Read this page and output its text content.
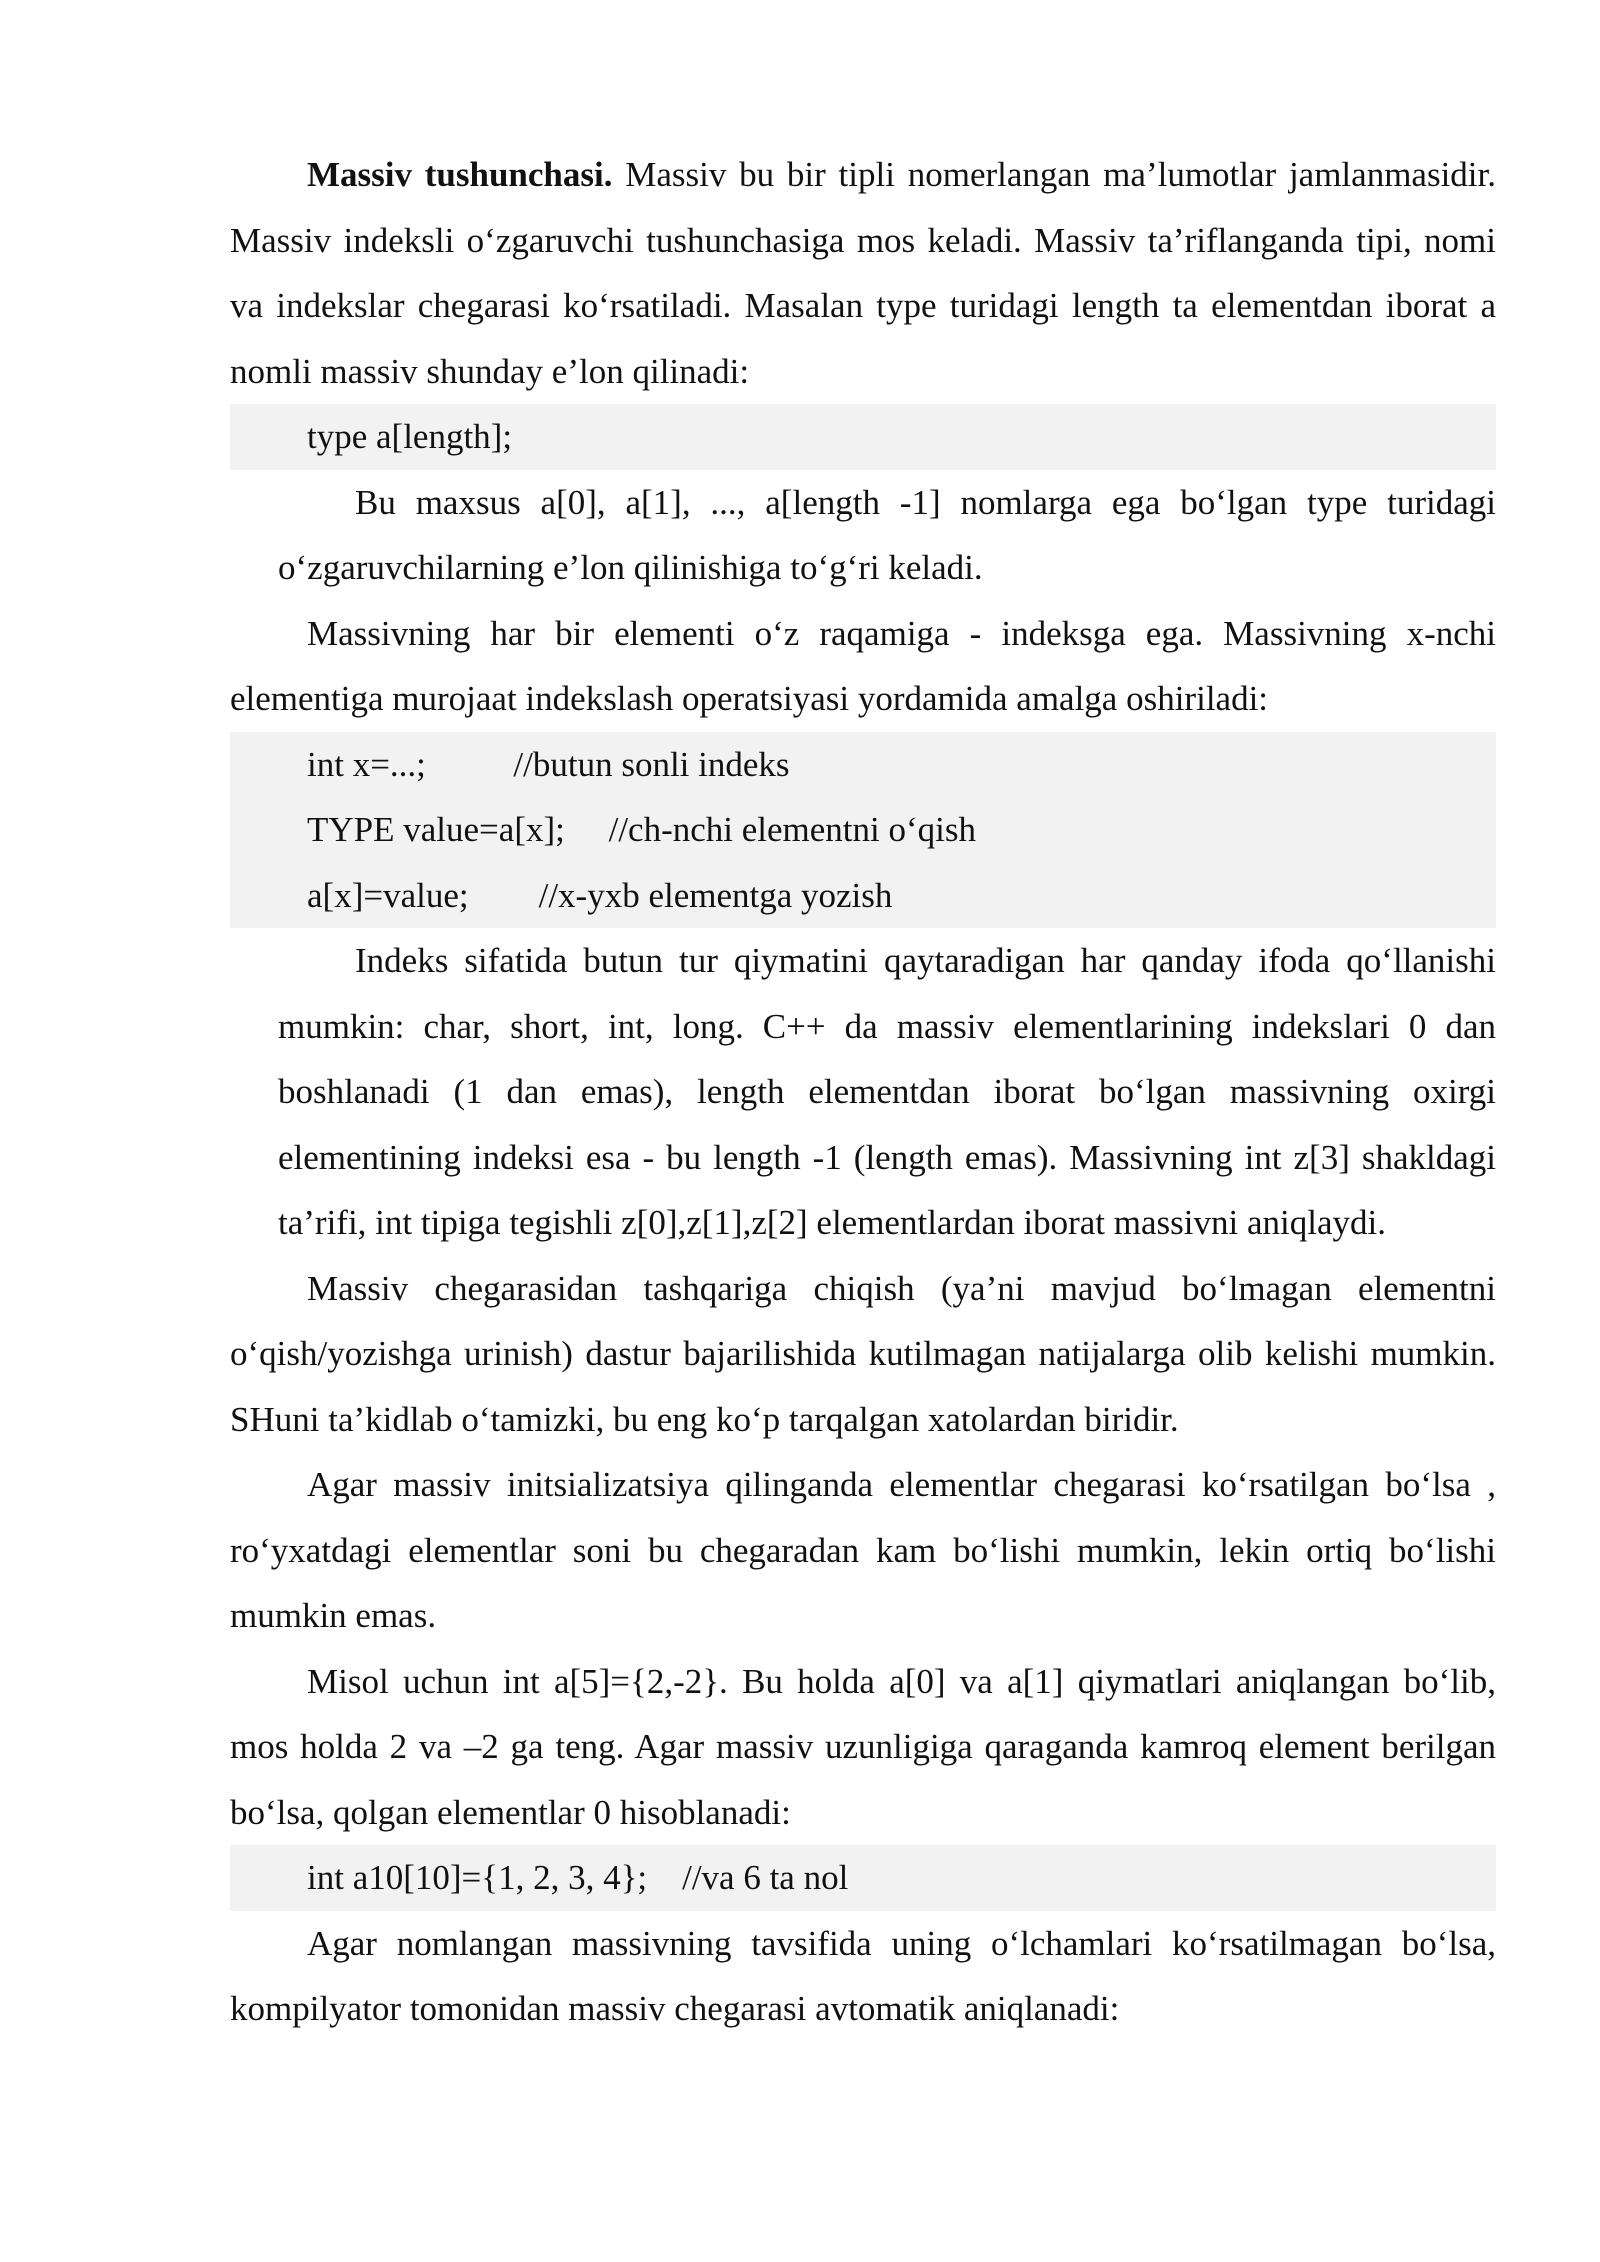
Massiv tushunchasi. Massiv bu bir tipli nomerlangan ma’lumotlar jamlanmasidir. Massiv indeksli o‘zgaruvchi tushunchasiga mos keladi. Massiv ta’riflanganda tipi, nomi va indekslar chegarasi ko‘rsatiladi. Masalan type turidagi length ta elementdan iborat a nomli massiv shunday e’lon qilinadi:

type a[length];

Bu maxsus a[0], a[1], ..., a[length -1] nomlarga ega bo‘lgan type turidagi o‘zgaruvchilarning e’lon qilinishiga to‘g‘ri keladi.

Massivning har bir elementi o‘z raqamiga - indeksga ega. Massivning x-nchi elementiga murojaat indekslash operatsiyasi yordamida amalga oshiriladi:

int x=...;          //butun sonli indeks
TYPE value=a[x];     //ch-nchi elementni o‘qish
a[x]=value;        //x-yxb elementga yozish

Indeks sifatida butun tur qiymatini qaytaradigan har qanday ifoda qo‘llanishi mumkin: char, short, int, long. C++ da massiv elementlarining indekslari 0 dan boshlanadi (1 dan emas), length elementdan iborat bo‘lgan massivning oxirgi elementining indeksi esa - bu length -1 (length emas). Massivning int z[3] shakldagi ta’rifi, int tipiga tegishli z[0],z[1],z[2] elementlardan iborat massivni aniqlaydi.

Massiv chegarasidan tashqariga chiqish (ya’ni mavjud bo‘lmagan elementni o‘qish/yozishga urinish) dastur bajarilishida kutilmagan natijalarga olib kelishi mumkin. SHuni ta’kidlab o‘tamizki, bu eng ko‘p tarqalgan xatolardan biridir.

Agar massiv initsializatsiya qilinganda elementlar chegarasi ko‘rsatilgan bo‘lsa , ro‘yxatdagi elementlar soni bu chegaradan kam bo‘lishi mumkin, lekin ortiq bo‘lishi mumkin emas.

Misol uchun int a[5]={2,-2}. Bu holda a[0] va a[1] qiymatlari aniqlangan bo‘lib, mos holda 2 va –2 ga teng. Agar massiv uzunligiga qaraganda kamroq element berilgan bo‘lsa, qolgan elementlar 0 hisoblanadi:

int a10[10]={1, 2, 3, 4};    //va 6 ta nol

Agar nomlangan massivning tavsifida uning o‘lchamlari ko‘rsatilmagan bo‘lsa, kompilyator tomonidan massiv chegarasi avtomatik aniqlanadi:
